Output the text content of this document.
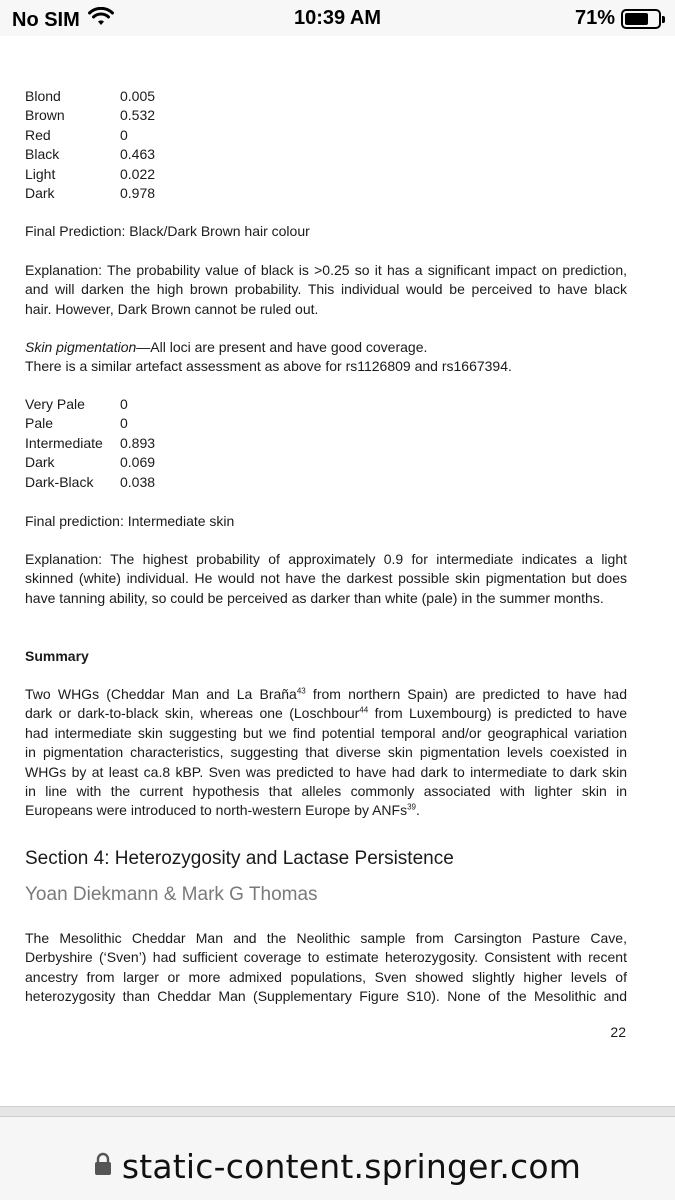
No SIM	10:39 AM	71%
Blond	0.005
Brown	0.532
Red	0
Black	0.463
Light	0.022
Dark	0.978
Final Prediction: Black/Dark Brown hair colour
Explanation: The probability value of black is >0.25 so it has a significant impact on prediction,
and will darken the high brown probability. This individual would be perceived to have black
hair. However, Dark Brown cannot be ruled out.
Skin pigmentation—All loci are present and have good coverage.
There is a similar artefact assessment as above for rs1126809 and rs1667394.
Very Pale	0
Pale	0
Intermediate	0.893
Dark	0.069
Dark-Black	0.038
Final prediction: Intermediate skin
Explanation: The highest probability of approximately 0.9 for intermediate indicates a light
skinned (white) individual. He would not have the darkest possible skin pigmentation but does
have tanning ability, so could be perceived as darker than white (pale) in the summer months.
Summary
Two WHGs (Cheddar Man and La Braña$^{43}$ from northern Spain) are predicted to have had
dark or dark-to-black skin, whereas one (Loschbour$^{44}$ from Luxembourg) is predicted to have
had intermediate skin suggesting but we find potential temporal and/or geographical variation
in pigmentation characteristics, suggesting that diverse skin pigmentation levels coexisted in
WHGs by at least ca.8 kBP. Sven was predicted to have had dark to intermediate to dark skin
in line with the current hypothesis that alleles commonly associated with lighter skin in
Europeans were introduced to north-western Europe by ANFs$^{39}$.
Section 4: Heterozygosity and Lactase Persistence
Yoan Diekmann & Mark G Thomas
The Mesolithic Cheddar Man and the Neolithic sample from Carsington Pasture Cave,
Derbyshire (‘Sven’) had sufficient coverage to estimate heterozygosity. Consistent with recent
ancestry from larger or more admixed populations, Sven showed slightly higher levels of
heterozygosity than Cheddar Man (Supplementary Figure S10). None of the Mesolithic and
22
static-content.springer.com
